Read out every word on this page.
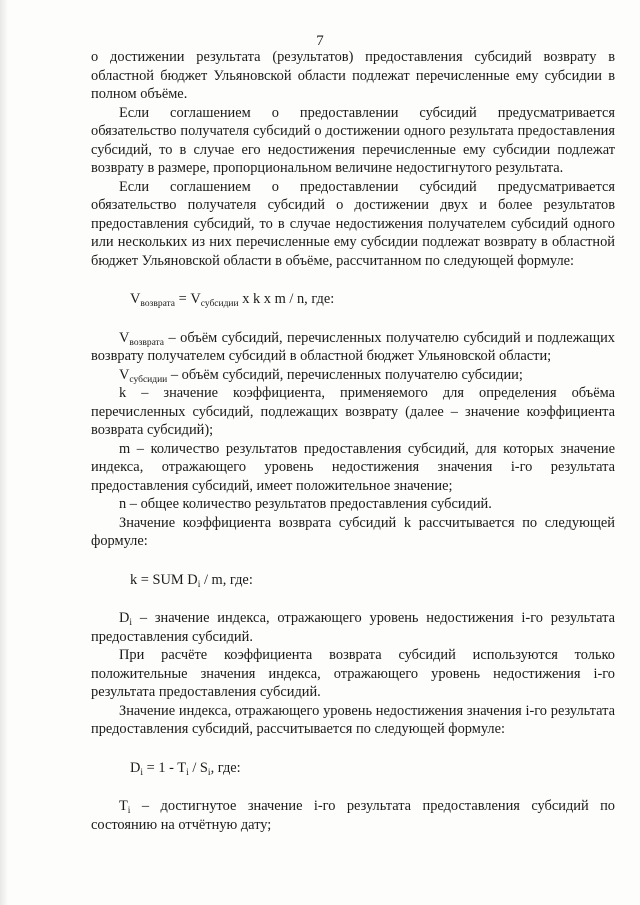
7

о достижении результата (результатов) предоставления субсидий возврату в областной бюджет Ульяновской области подлежат перечисленные ему субсидии в полном объёме.

Если соглашением о предоставлении субсидий предусматривается обязательство получателя субсидий о достижении одного результата предоставления субсидий, то в случае его недостижения перечисленные ему субсидии подлежат возврату в размере, пропорциональном величине недостигнутого результата.

Если соглашением о предоставлении субсидий предусматривается обязательство получателя субсидий о достижении двух и более результатов предоставления субсидий, то в случае недостижения получателем субсидий одного или нескольких из них перечисленные ему субсидии подлежат возврату в областной бюджет Ульяновской области в объёме, рассчитанном по следующей формуле:

$V_{возврата} = V_{субсидии}$ x k x m / n, где:

$V_{возврата}$ – объём субсидий, перечисленных получателю субсидий и подлежащих возврату получателем субсидий в областной бюджет Ульяновской области;

$V_{субсидии}$ – объём субсидий, перечисленных получателю субсидии;

k – значение коэффициента, применяемого для определения объёма перечисленных субсидий, подлежащих возврату (далее – значение коэффициента возврата субсидий);

m – количество результатов предоставления субсидий, для которых значение индекса, отражающего уровень недостижения значения i-го результата предоставления субсидий, имеет положительное значение;

n – общее количество результатов предоставления субсидий.

Значение коэффициента возврата субсидий k рассчитывается по следующей формуле:

k = SUM $D_i$ / m, где:

$D_i$ – значение индекса, отражающего уровень недостижения i-го результата предоставления субсидий.

При расчёте коэффициента возврата субсидий используются только положительные значения индекса, отражающего уровень недостижения i-го результата предоставления субсидий.

Значение индекса, отражающего уровень недостижения значения i-го результата предоставления субсидий, рассчитывается по следующей формуле:

$D_i = 1 - T_i / S_i$, где:

$T_i$ – достигнутое значение i-го результата предоставления субсидий по состоянию на отчётную дату;
